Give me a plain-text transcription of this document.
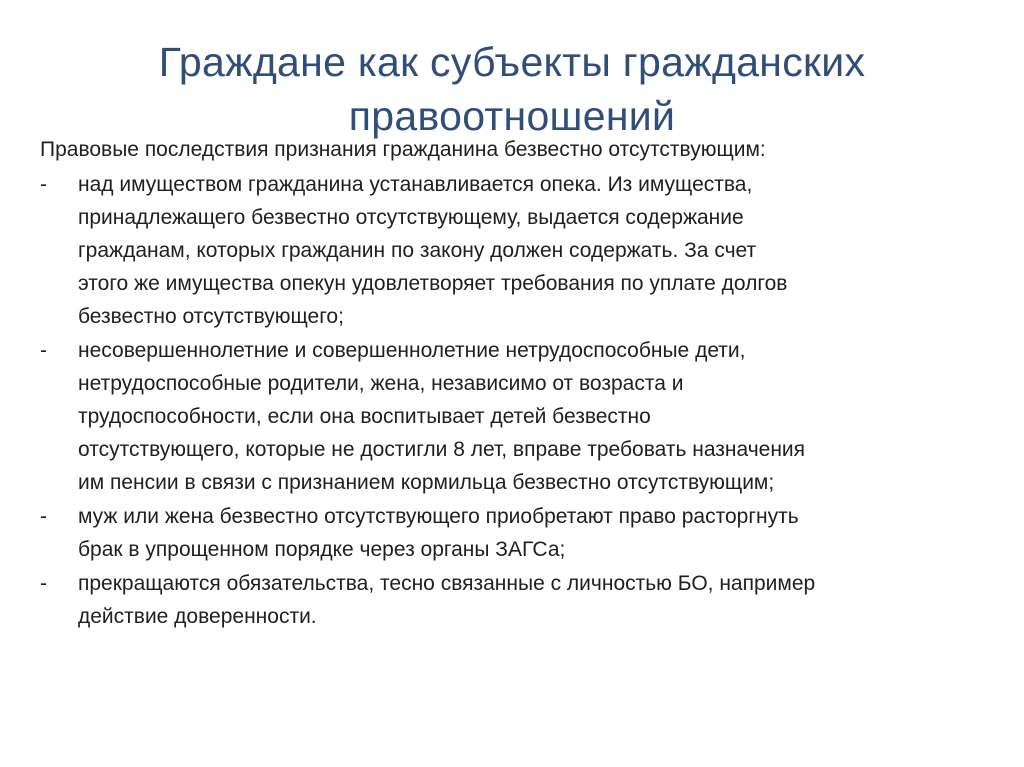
Граждане как субъекты гражданских
правоотношений

Правовые последствия признания гражданина безвестно отсутствующим:

-	над имуществом гражданина устанавливается опека. Из имущества,
принадлежащего безвестно отсутствующему, выдается содержание
гражданам, которых гражданин по закону должен содержать. За счет
этого же имущества опекун удовлетворяет требования по уплате долгов
безвестно отсутствующего;
-	несовершеннолетние и совершеннолетние нетрудоспособные дети,
нетрудоспособные родители, жена, независимо от возраста и
трудоспособности, если она воспитывает детей безвестно
отсутствующего, которые не достигли 8 лет, вправе требовать назначения
им пенсии в связи с признанием кормильца безвестно отсутствующим;
-	муж или жена безвестно отсутствующего приобретают право расторгнуть
брак в упрощенном порядке через органы ЗАГСа;
-	прекращаются обязательства, тесно связанные с личностью БО, например
действие доверенности.
